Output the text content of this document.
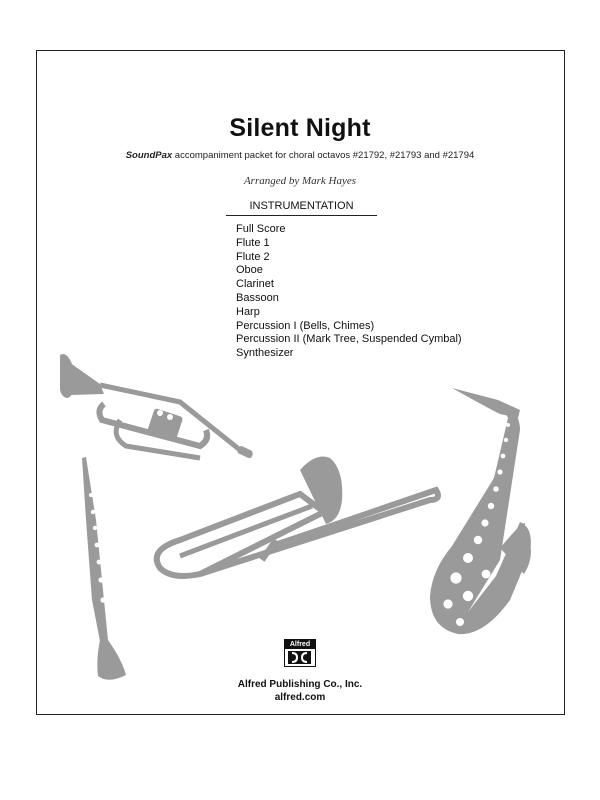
Silent Night
SoundPax accompaniment packet for choral octavos #21792, #21793 and #21794
Arranged by Mark Hayes
INSTRUMENTATION
Full Score
Flute 1
Flute 2
Oboe
Clarinet
Bassoon
Harp
Percussion I (Bells, Chimes)
Percussion II (Mark Tree, Suspended Cymbal)
Synthesizer
Alfred
Alfred Publishing Co., Inc.
alfred.com
